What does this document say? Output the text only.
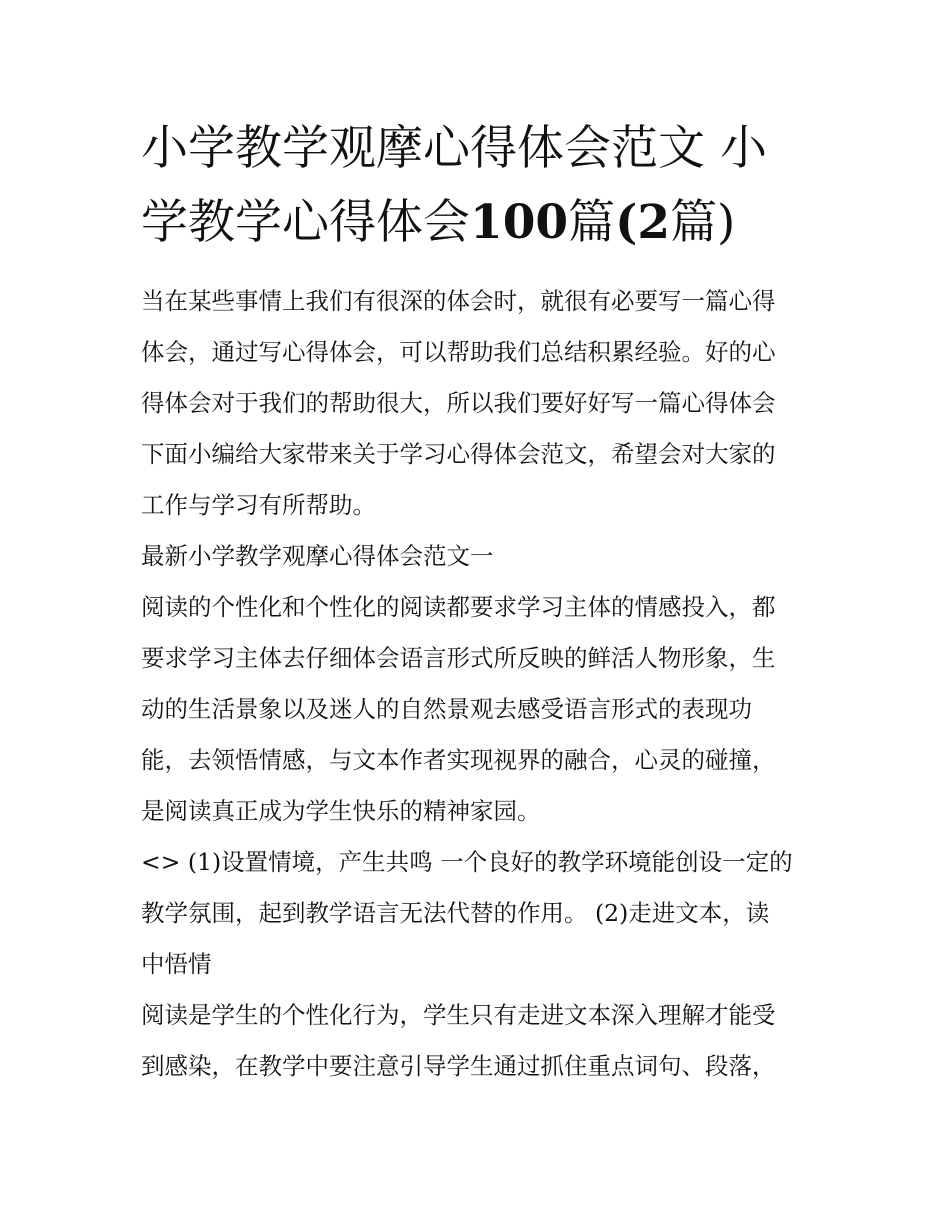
小学教学观摩心得体会范文 小
学教学心得体会100篇(2篇)
当在某些事情上我们有很深的体会时，就很有必要写一篇心得
体会，通过写心得体会，可以帮助我们总结积累经验。好的心
得体会对于我们的帮助很大，所以我们要好好写一篇心得体会
下面小编给大家带来关于学习心得体会范文，希望会对大家的
工作与学习有所帮助。
最新小学教学观摩心得体会范文一
阅读的个性化和个性化的阅读都要求学习主体的情感投入，都
要求学习主体去仔细体会语言形式所反映的鲜活人物形象，生
动的生活景象以及迷人的自然景观去感受语言形式的表现功
能，去领悟情感，与文本作者实现视界的融合，心灵的碰撞，
是阅读真正成为学生快乐的精神家园。
<> (1)设置情境，产生共鸣 一个良好的教学环境能创设一定的
教学氛围，起到教学语言无法代替的作用。 (2)走进文本，读
中悟情
阅读是学生的个性化行为，学生只有走进文本深入理解才能受
到感染，在教学中要注意引导学生通过抓住重点词句、段落，
